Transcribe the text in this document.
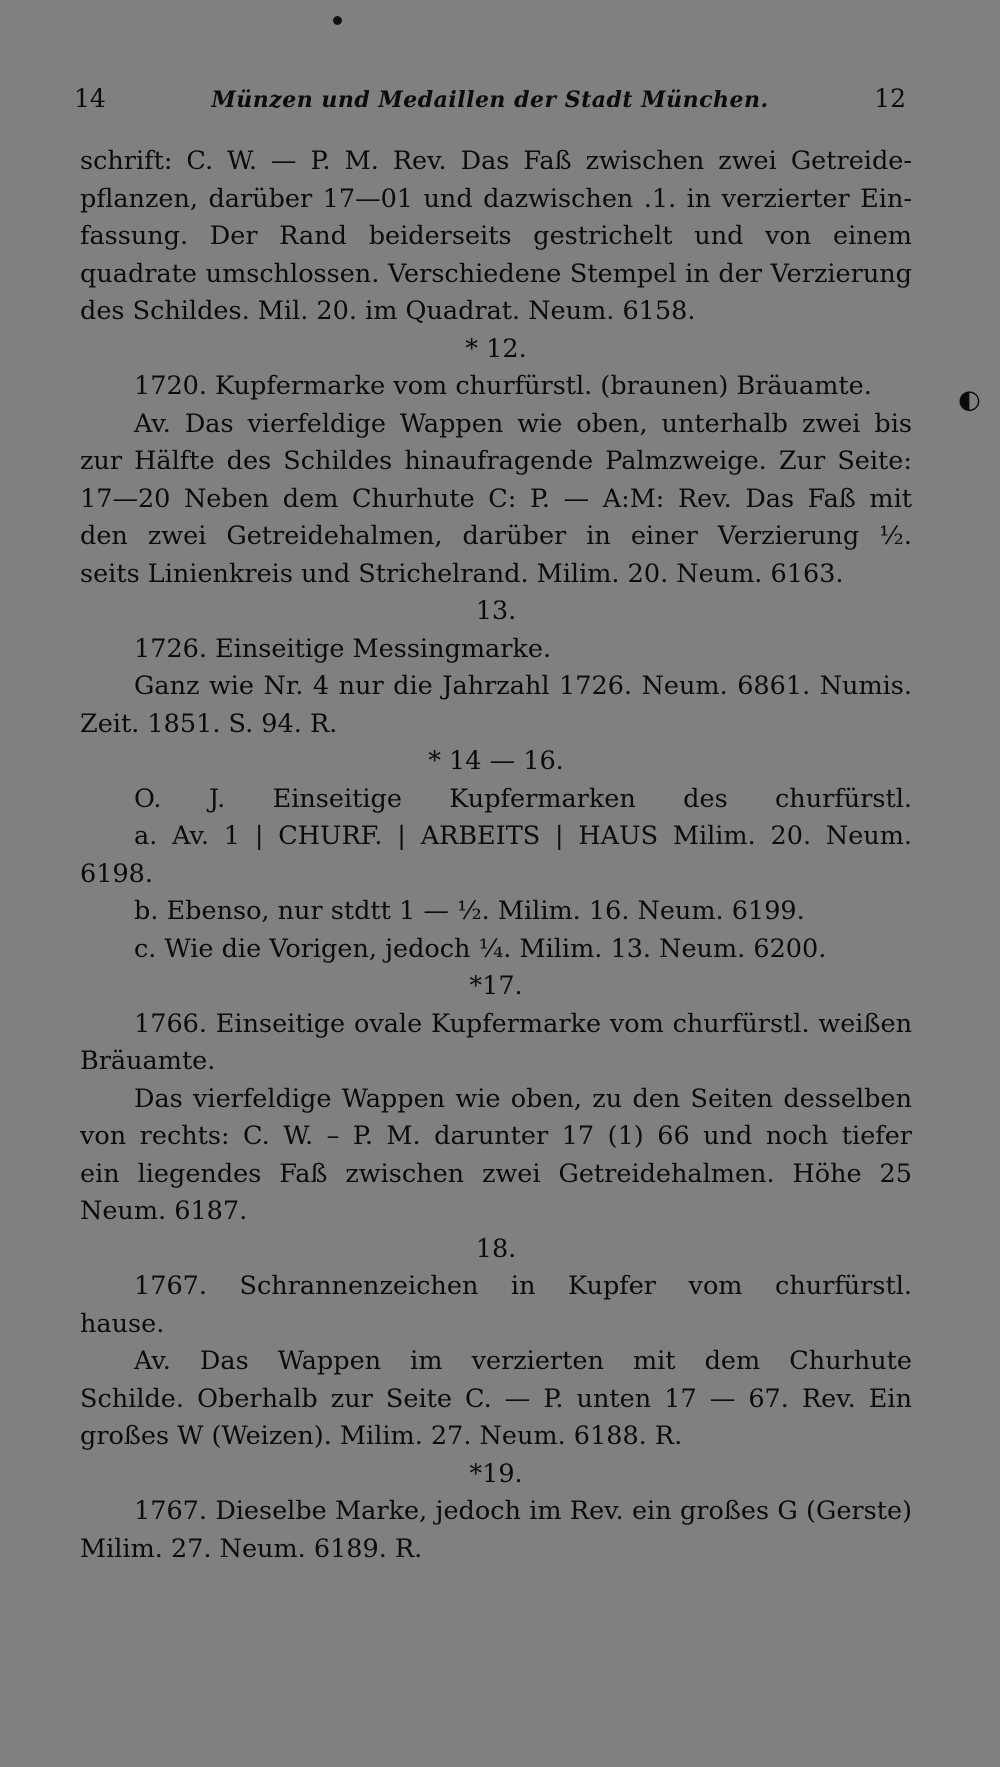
14	Münzen und Medaillen der Stadt München.	12
schrift: C. W. — P. M. Rev. Das Faß zwischen zwei Getreide-
pflanzen, darüber 17—01 und dazwischen .1. in verzierter Ein-
fassung. Der Rand beiderseits gestrichelt und von einem
quadrate umschlossen. Verschiedene Stempel in der Verzierung
des Schildes. Mil. 20. im Quadrat. Neum. 6158.
* 12.
1720. Kupfermarke vom churfürstl. (braunen) Bräuamte.
Av. Das vierfeldige Wappen wie oben, unterhalb zwei bis
zur Hälfte des Schildes hinaufragende Palmzweige. Zur Seite:
17—20 Neben dem Churhute C: P. — A:M: Rev. Das Faß mit
den zwei Getreidehalmen, darüber in einer Verzierung ½.
seits Linienkreis und Strichelrand. Milim. 20. Neum. 6163.
13.
1726. Einseitige Messingmarke.
Ganz wie Nr. 4 nur die Jahrzahl 1726. Neum. 6861. Numis.
Zeit. 1851. S. 94. R.
* 14 — 16.
O. J. Einseitige Kupfermarken des churfürstl.
a. Av. 1 | CHURF. | ARBEITS | HAUS Milim. 20. Neum.
6198.
b. Ebenso, nur stdtt 1 — ½. Milim. 16. Neum. 6199.
c. Wie die Vorigen, jedoch ¼. Milim. 13. Neum. 6200.
*17.
1766. Einseitige ovale Kupfermarke vom churfürstl. weißen
Bräuamte.
Das vierfeldige Wappen wie oben, zu den Seiten desselben
von rechts: C. W. – P. M. darunter 17 (1) 66 und noch tiefer
ein liegendes Faß zwischen zwei Getreidehalmen. Höhe 25
Neum. 6187.
18.
1767. Schrannenzeichen in Kupfer vom churfürstl.
hause.
Av. Das Wappen im verzierten mit dem Churhute
Schilde. Oberhalb zur Seite C. — P. unten 17 — 67. Rev. Ein
großes W (Weizen). Milim. 27. Neum. 6188. R.
*19.
1767. Dieselbe Marke, jedoch im Rev. ein großes G (Gerste)
Milim. 27. Neum. 6189. R.
◐
